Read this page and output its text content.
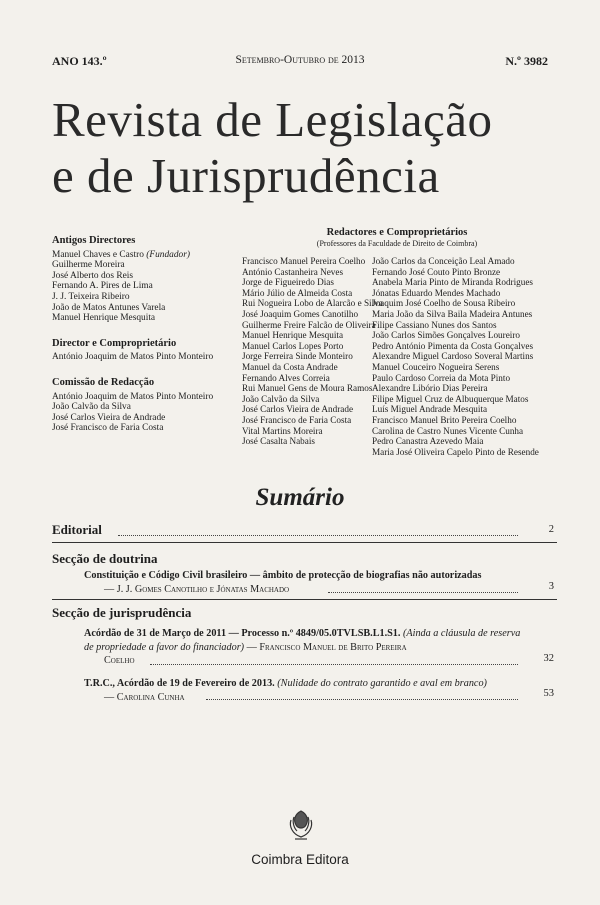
ANO 143.º	Setembro-Outubro de 2013	N.º 3982
Revista de Legislação
e de Jurisprudência
Antigos Directores
Manuel Chaves e Castro (Fundador)
Guilherme Moreira
José Alberto dos Reis
Fernando A. Pires de Lima
J. J. Teixeira Ribeiro
João de Matos Antunes Varela
Manuel Henrique Mesquita
Director e Comproprietário
António Joaquim de Matos Pinto Monteiro
Comissão de Redacção
António Joaquim de Matos Pinto Monteiro
João Calvão da Silva
José Carlos Vieira de Andrade
José Francisco de Faria Costa
Redactores e Comproprietários
(Professores da Faculdade de Direito de Coimbra)
Francisco Manuel Pereira Coelho
António Castanheira Neves
Jorge de Figueiredo Dias
Mário Júlio de Almeida Costa
Rui Nogueira Lobo de Alarcão e Silva
José Joaquim Gomes Canotilho
Guilherme Freire Falcão de Oliveira
Manuel Henrique Mesquita
Manuel Carlos Lopes Porto
Jorge Ferreira Sinde Monteiro
Manuel da Costa Andrade
Fernando Alves Correia
Rui Manuel Gens de Moura Ramos
João Calvão da Silva
José Carlos Vieira de Andrade
José Francisco de Faria Costa
Vital Martins Moreira
José Casalta Nabais
João Carlos da Conceição Leal Amado
Fernando José Couto Pinto Bronze
Anabela Maria Pinto de Miranda Rodrigues
Jónatas Eduardo Mendes Machado
Joaquim José Coelho de Sousa Ribeiro
Maria João da Silva Baila Madeira Antunes
Filipe Cassiano Nunes dos Santos
João Carlos Simões Gonçalves Loureiro
Pedro António Pimenta da Costa Gonçalves
Alexandre Miguel Cardoso Soveral Martins
Manuel Couceiro Nogueira Serens
Paulo Cardoso Correia da Mota Pinto
Alexandre Libório Dias Pereira
Filipe Miguel Cruz de Albuquerque Matos
Luís Miguel Andrade Mesquita
Francisco Manuel Brito Pereira Coelho
Carolina de Castro Nunes Vicente Cunha
Pedro Canastra Azevedo Maia
Maria José Oliveira Capelo Pinto de Resende
Sumário
Editorial	2
Secção de doutrina
Constituição e Código Civil brasileiro — âmbito de protecção de biografias não autorizadas
— J. J. Gomes Canotilho e Jónatas Machado	3
Secção de jurisprudência
Acórdão de 31 de Março de 2011 — Processo n.º 4849/05.0TVLSB.L1.S1. (Ainda a cláusula de reserva de propriedade a favor do financiador) — Francisco Manuel de Brito Pereira
Coelho	32
T.R.C., Acórdão de 19 de Fevereiro de 2013. (Nulidade do contrato garantido e aval em branco)
— Carolina Cunha	53

Coimbra Editora
